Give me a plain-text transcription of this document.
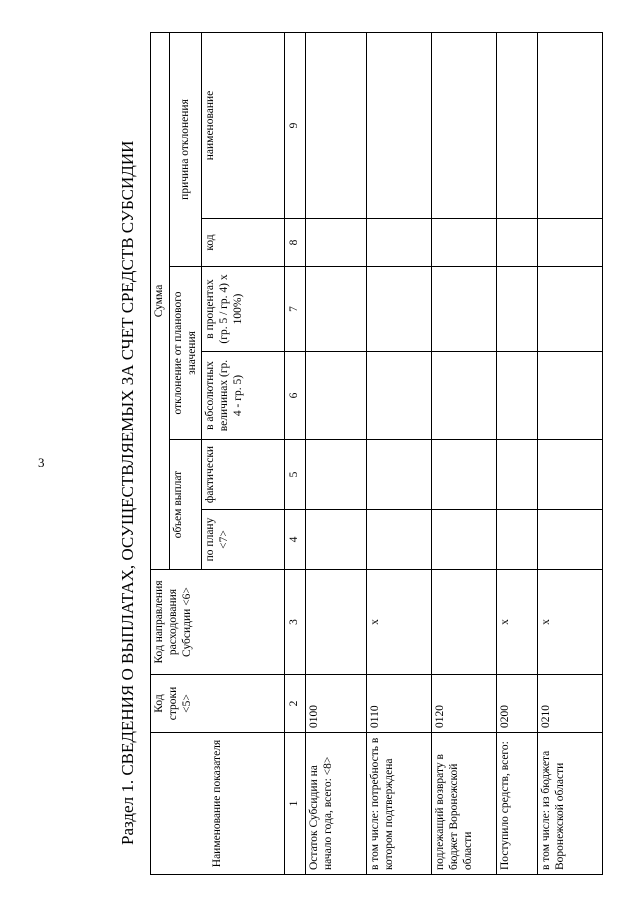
3	Раздел 1. СВЕДЕНИЯ О ВЫПЛАТАХ, ОСУЩЕСТВЛЯЕМЫХ ЗА СЧЕТ СРЕДСТВ СУБСИДИИ	Наименование показателя	Код строки <5>	Код направления расходования Субсидии <6>	Сумма					
			объем выплат		отклонение от планового значения		причина отклонения	
			по плану <7>	фактически	в абсолютных величинах (гр. 4 - гр. 5)	в процентах (гр. 5 / гр. 4) x 100%)	код	наименование
1	2	3	4	5	6	7	8	9
Остаток Субсидии на начало года, всего: <8>	0100							
в том числе: потребность в котором подтверждена	0110	x						
подлежащий возврату в бюджет Воронежской области	0120							
Поступило средств, всего:	0200	x						
в том числе: из бюджета Воронежской области	0210	x						
